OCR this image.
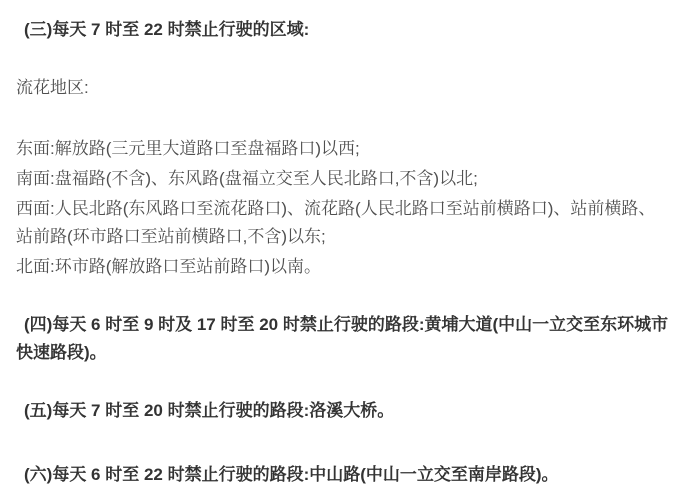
(三)每天 7 时至 22 时禁止行驶的区域:

流花地区:

东面:解放路(三元里大道路口至盘福路口)以西;

南面:盘福路(不含)、东风路(盘福立交至人民北路口,不含)以北;

西面:人民北路(东风路口至流花路口)、流花路(人民北路口至站前横路口)、站前横路、
站前路(环市路口至站前横路口,不含)以东;

北面:环市路(解放路口至站前路口)以南。

(四)每天 6 时至 9 时及 17 时至 20 时禁止行驶的路段:黄埔大道(中山一立交至东环城市
快速路段)。

(五)每天 7 时至 20 时禁止行驶的路段:洛溪大桥。

(六)每天 6 时至 22 时禁止行驶的路段:中山路(中山一立交至南岸路段)。
